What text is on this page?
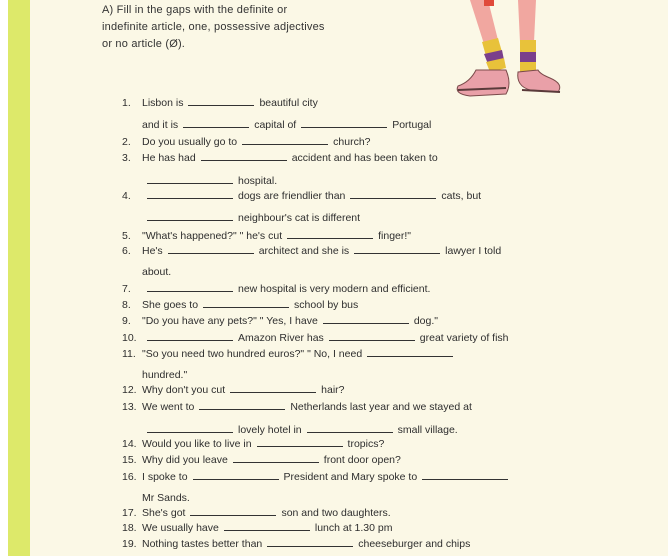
A) Fill in the gaps with the definite or
indefinite article, one, possessive adjectives
or no article (Ø).
1. Lisbon is	beautiful city
and it is	capital of	Portugal
2. Do you usually go to	church?
3. He has had	accident and has been taken to
hospital.
4.	dogs are friendlier than	cats, but
neighbour's cat is different
5. "What's happened?" " he's cut	finger!"
6. He's	architect and she is	lawyer I told
about.
7.	new hospital is very modern and efficient.
8. She goes to	school by bus
9. "Do you have any pets?" " Yes, I have	dog."
10.	Amazon River has	great variety of fish
11. "So you need two hundred euros?" " No, I need
hundred."
12. Why don't you cut	hair?
13. We went to	Netherlands last year and we stayed at
lovely hotel in	small village.
14. Would you like to live in	tropics?
15. Why did you leave	front door open?
16. I spoke to	President and Mary spoke to
Mr Sands.
17. She's got	son and two daughters.
18. We usually have	lunch at 1.30 pm
19. Nothing tastes better than	cheeseburger and chips
